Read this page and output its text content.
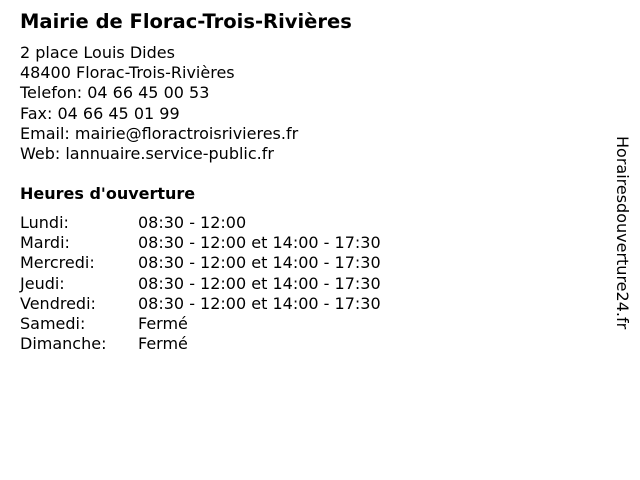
Mairie de Florac-Trois-Rivières
2 place Louis Dides
48400 Florac-Trois-Rivières
Telefon: 04 66 45 00 53
Fax: 04 66 45 01 99
Email: mairie@floractroisrivieres.fr
Web: lannuaire.service-public.fr
Heures d'ouverture
Lundi:	08:30 - 12:00
Mardi:	08:30 - 12:00 et 14:00 - 17:30
Mercredi:	08:30 - 12:00 et 14:00 - 17:30
Jeudi:	08:30 - 12:00 et 14:00 - 17:30
Vendredi:	08:30 - 12:00 et 14:00 - 17:30
Samedi:	Fermé
Dimanche: Fermé
Horairesdouverture24.fr
